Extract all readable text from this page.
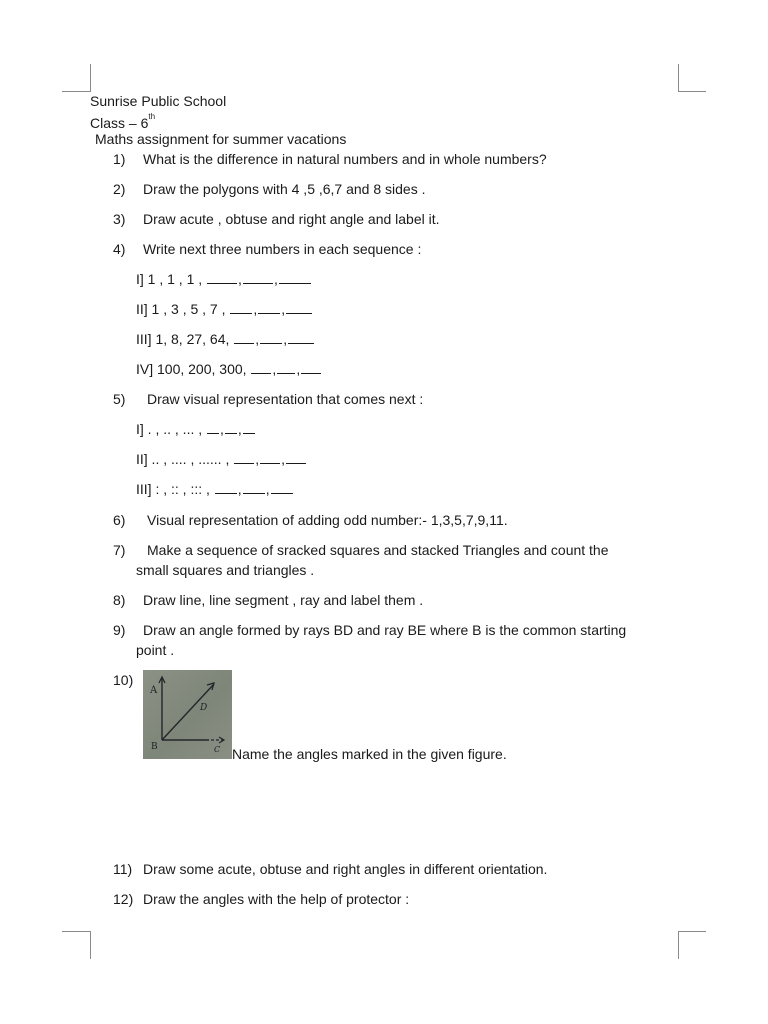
Sunrise Public School
Class – 6th
Maths assignment for summer vacations
1) What is the difference in natural numbers and in whole numbers?
2) Draw the polygons with 4 ,5 ,6,7 and 8 sides .
3) Draw acute , obtuse and right angle and label it.
4) Write next three numbers in each sequence :
I] 1 , 1 , 1 ,	, ,
II] 1 , 3 , 5 , 7 , , ,
III] 1, 8, 27, 64, , ,
IV] 100, 200, 300, , ,
5) Draw visual representation that comes next :
I] . , .. , ... , , ,
II] .. , .... , ...... , , ,
III] : , :: , ::: , , ,
6) Visual representation of adding odd number:- 1,3,5,7,9,11.
7) Make a sequence of sracked squares and stacked Triangles and count the
small squares and triangles .
8) Draw line, line segment , ray and label them .
9) Draw an angle formed by rays BD and ray BE where B is the common starting
point .
10)
A
B	C
D
Name the angles marked in the given figure.
11) Draw some acute, obtuse and right angles in different orientation.
12) Draw the angles with the help of protector :
